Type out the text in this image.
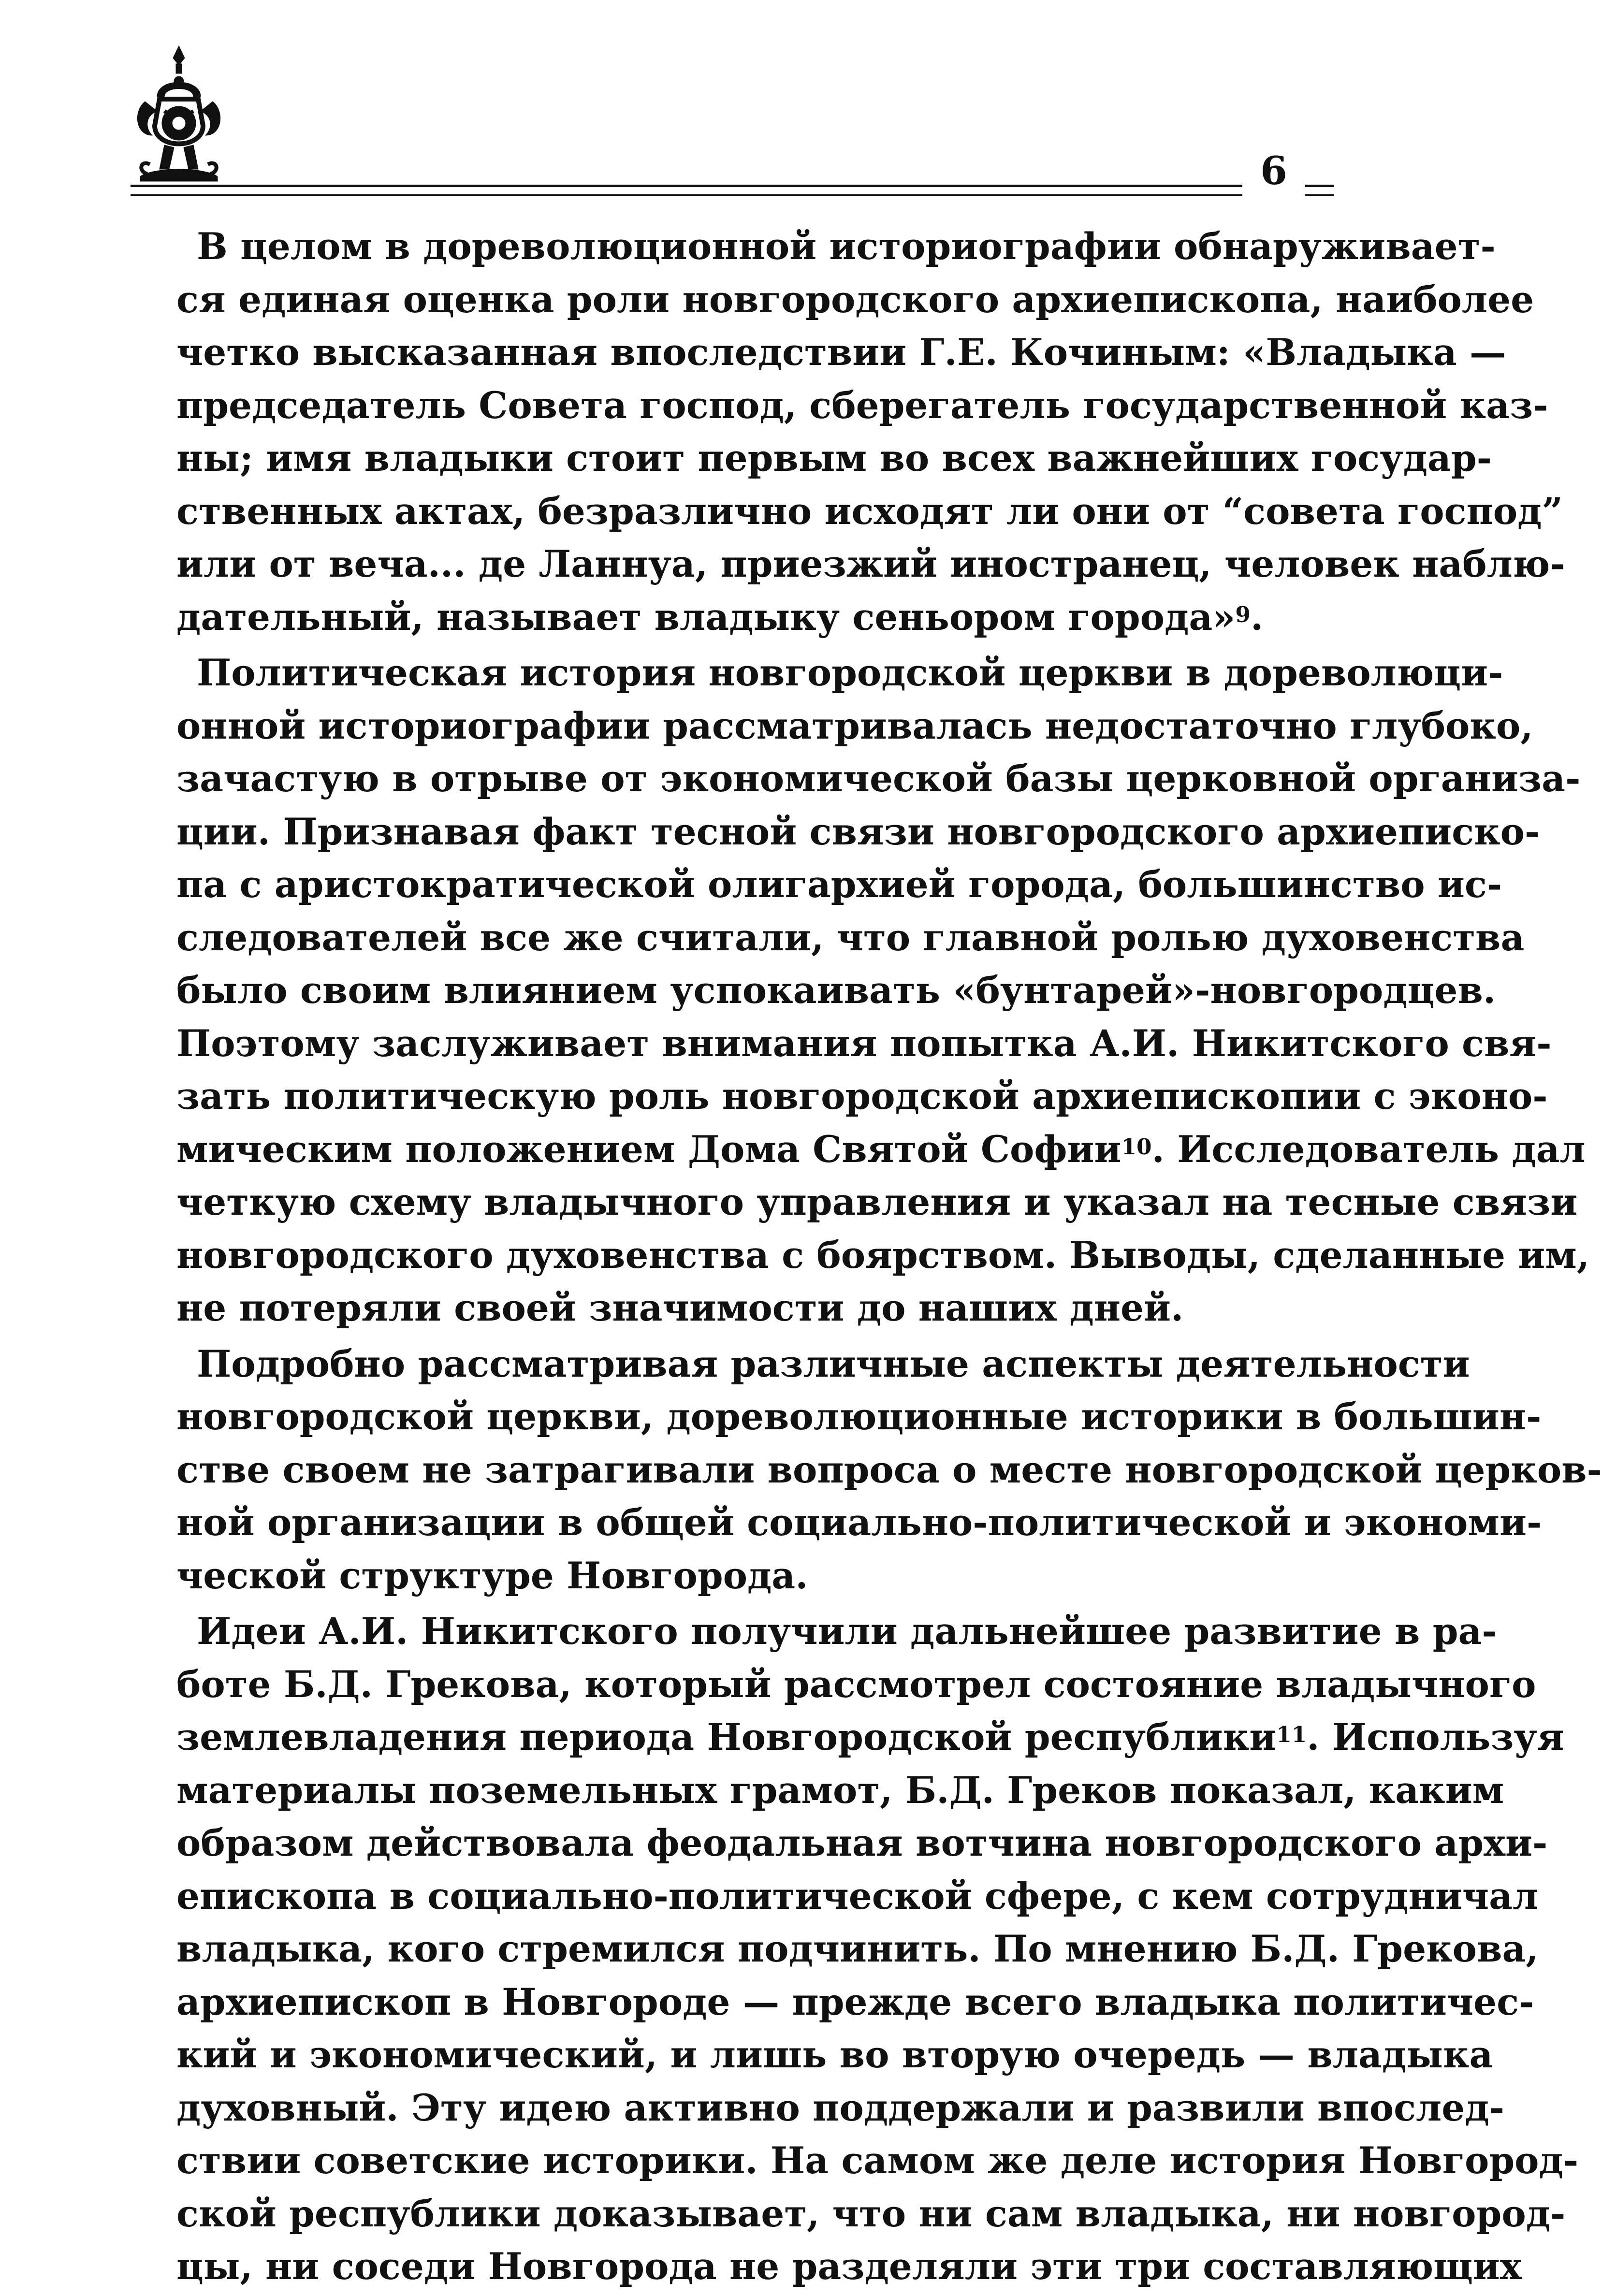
6

В целом в дореволюционной историографии обнаруживает-
ся единая оценка роли новгородского архиепископа, наиболее
четко высказанная впоследствии Г.Е. Кочиным: «Владыка —
председатель Совета господ, сберегатель государственной каз-
ны; имя владыки стоит первым во всех важнейших государ-
ственных актах, безразлично исходят ли они от “совета господ”
или от веча... де Ланнуа, приезжий иностранец, человек наблю-
дательный, называет владыку сеньором города»$^9$.

Политическая история новгородской церкви в дореволюци-
онной историографии рассматривалась недостаточно глубоко,
зачастую в отрыве от экономической базы церковной организа-
ции. Признавая факт тесной связи новгородского архиеписко-
па с аристократической олигархией города, большинство ис-
следователей все же считали, что главной ролью духовенства
было своим влиянием успокаивать «бунтарей»-новгородцев.
Поэтому заслуживает внимания попытка А.И. Никитского свя-
зать политическую роль новгородской архиепископии с эконо-
мическим положением Дома Святой Софии$^{10}$. Исследователь дал
четкую схему владычного управления и указал на тесные связи
новгородского духовенства с боярством. Выводы, сделанные им,
не потеряли своей значимости до наших дней.

Подробно рассматривая различные аспекты деятельности
новгородской церкви, дореволюционные историки в большин-
стве своем не затрагивали вопроса о месте новгородской церков-
ной организации в общей социально-политической и экономи-
ческой структуре Новгорода.

Идеи А.И. Никитского получили дальнейшее развитие в ра-
боте Б.Д. Грекова, который рассмотрел состояние владычного
землевладения периода Новгородской республики$^{11}$. Используя
материалы поземельных грамот, Б.Д. Греков показал, каким
образом действовала феодальная вотчина новгородского архи-
епископа в социально-политической сфере, с кем сотрудничал
владыка, кого стремился подчинить. По мнению Б.Д. Грекова,
архиепископ в Новгороде — прежде всего владыка политичес-
кий и экономический, и лишь во вторую очередь — владыка
духовный. Эту идею активно поддержали и развили впослед-
ствии советские историки. На самом же деле история Новгород-
ской республики доказывает, что ни сам владыка, ни новгород-
цы, ни соседи Новгорода не разделяли эти три составляющих
